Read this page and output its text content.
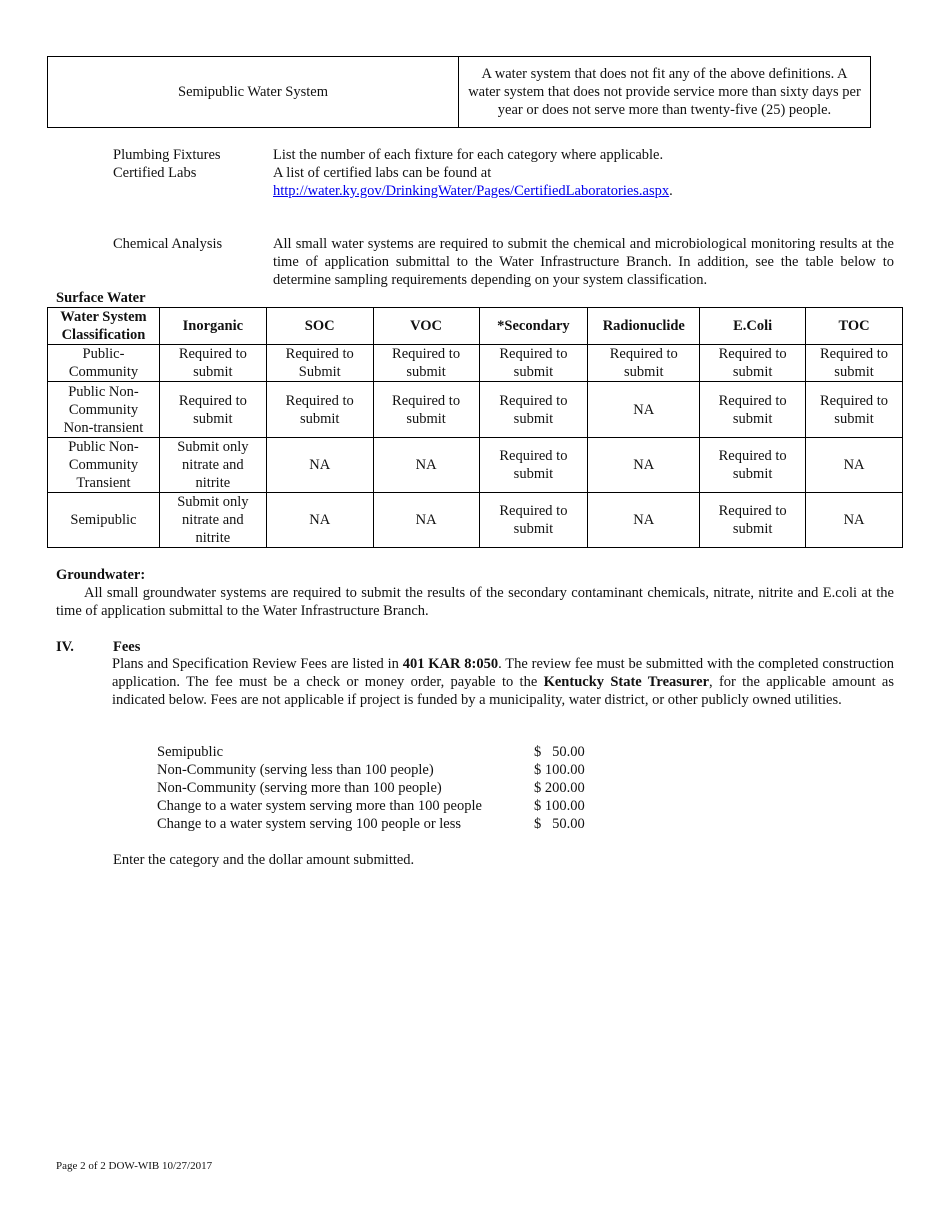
Semipublic Water System	A water system that does not fit any of the above definitions. A water system that does not provide service more than sixty days per year or does not serve more than twenty-five (25) people.
Plumbing Fixtures	List the number of each fixture for each category where applicable.
Certified Labs	A list of certified labs can be found at
http://water.ky.gov/DrinkingWater/Pages/CertifiedLaboratories.aspx.
Chemical Analysis	All small water systems are required to submit the chemical and microbiological monitoring results at the time of application submittal to the Water Infrastructure Branch. In addition, see the table below to determine sampling requirements depending on your system classification.
Surface Water
Water System Classification	Inorganic	SOC	VOC	*Secondary	Radionuclide	E.Coli	TOC
Public-Community	Required to submit	Required to Submit	Required to submit	Required to submit	Required to submit	Required to submit	Required to submit
Public Non-Community Non-transient	Required to submit	Required to submit	Required to submit	Required to submit	NA	Required to submit	Required to submit
Public Non-Community Transient	Submit only nitrate and nitrite	NA	NA	Required to submit	NA	Required to submit	NA
Semipublic	Submit only nitrate and nitrite	NA	NA	Required to submit	NA	Required to submit	NA
Groundwater:
All small groundwater systems are required to submit the results of the secondary contaminant chemicals, nitrate, nitrite and E.coli at the time of application submittal to the Water Infrastructure Branch.
IV.	Fees
Plans and Specification Review Fees are listed in 401 KAR 8:050. The review fee must be submitted with the completed construction application. The fee must be a check or money order, payable to the Kentucky State Treasurer, for the applicable amount as indicated below. Fees are not applicable if project is funded by a municipality, water district, or other publicly owned utilities.
Semipublic	$   50.00
Non-Community (serving less than 100 people)	$ 100.00
Non-Community (serving more than 100 people)	$ 200.00
Change to a water system serving more than 100 people	$ 100.00
Change to a water system serving 100 people or less	$   50.00
Enter the category and the dollar amount submitted.
Page 2 of 2 DOW-WIB 10/27/2017
